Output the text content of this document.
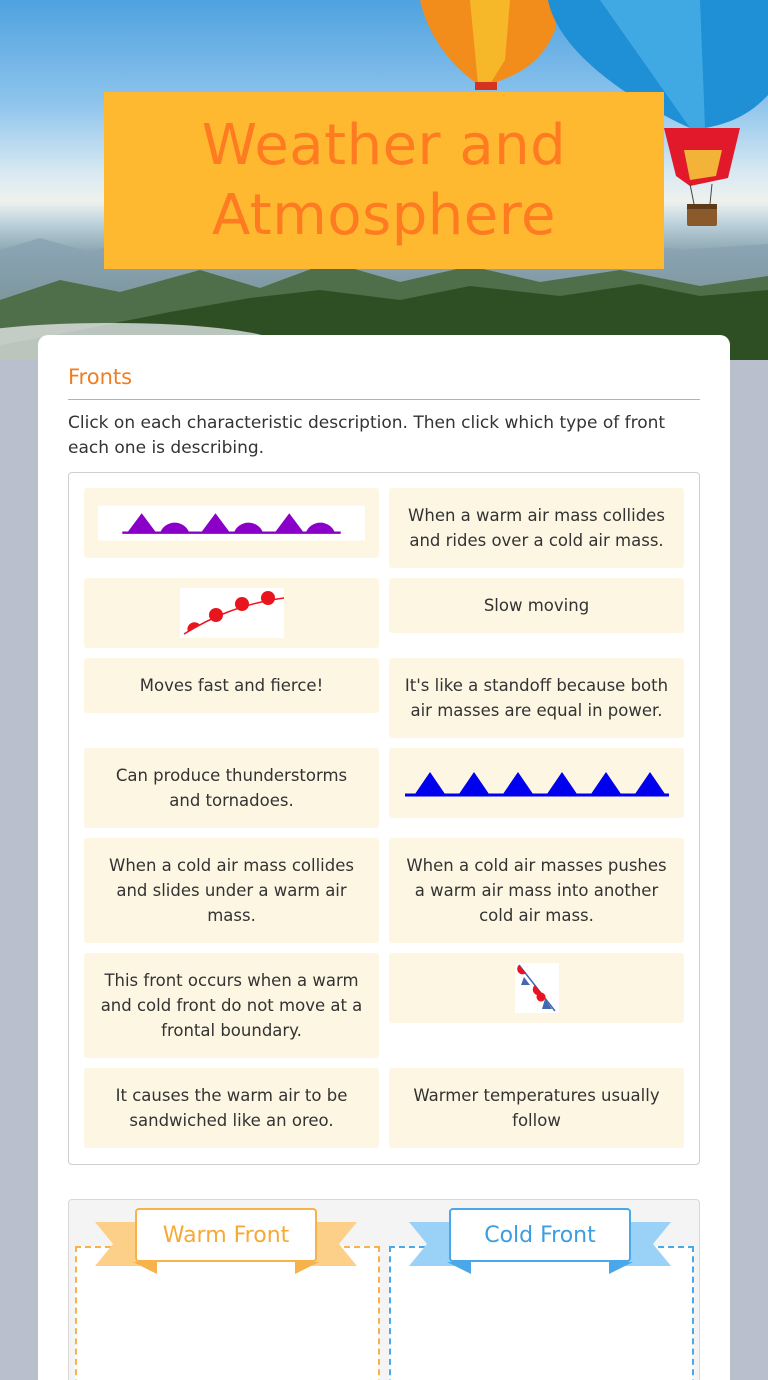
Weather and
Atmosphere
Fronts
Click on each characteristic description. Then click which type of front each one is describing.
When a warm air mass collides and rides over a cold air mass.
Slow moving
Moves fast and fierce!	It's like a standoff because both air masses are equal in power.
Can produce thunderstorms and tornadoes.
When a cold air mass collides and slides under a warm air mass.
When a cold air masses pushes a warm air mass into another cold air mass.
This front occurs when a warm and cold front do not move at a frontal boundary.
It causes the warm air to be sandwiched like an oreo.
Warmer temperatures usually follow
Warm Front	Cold Front
